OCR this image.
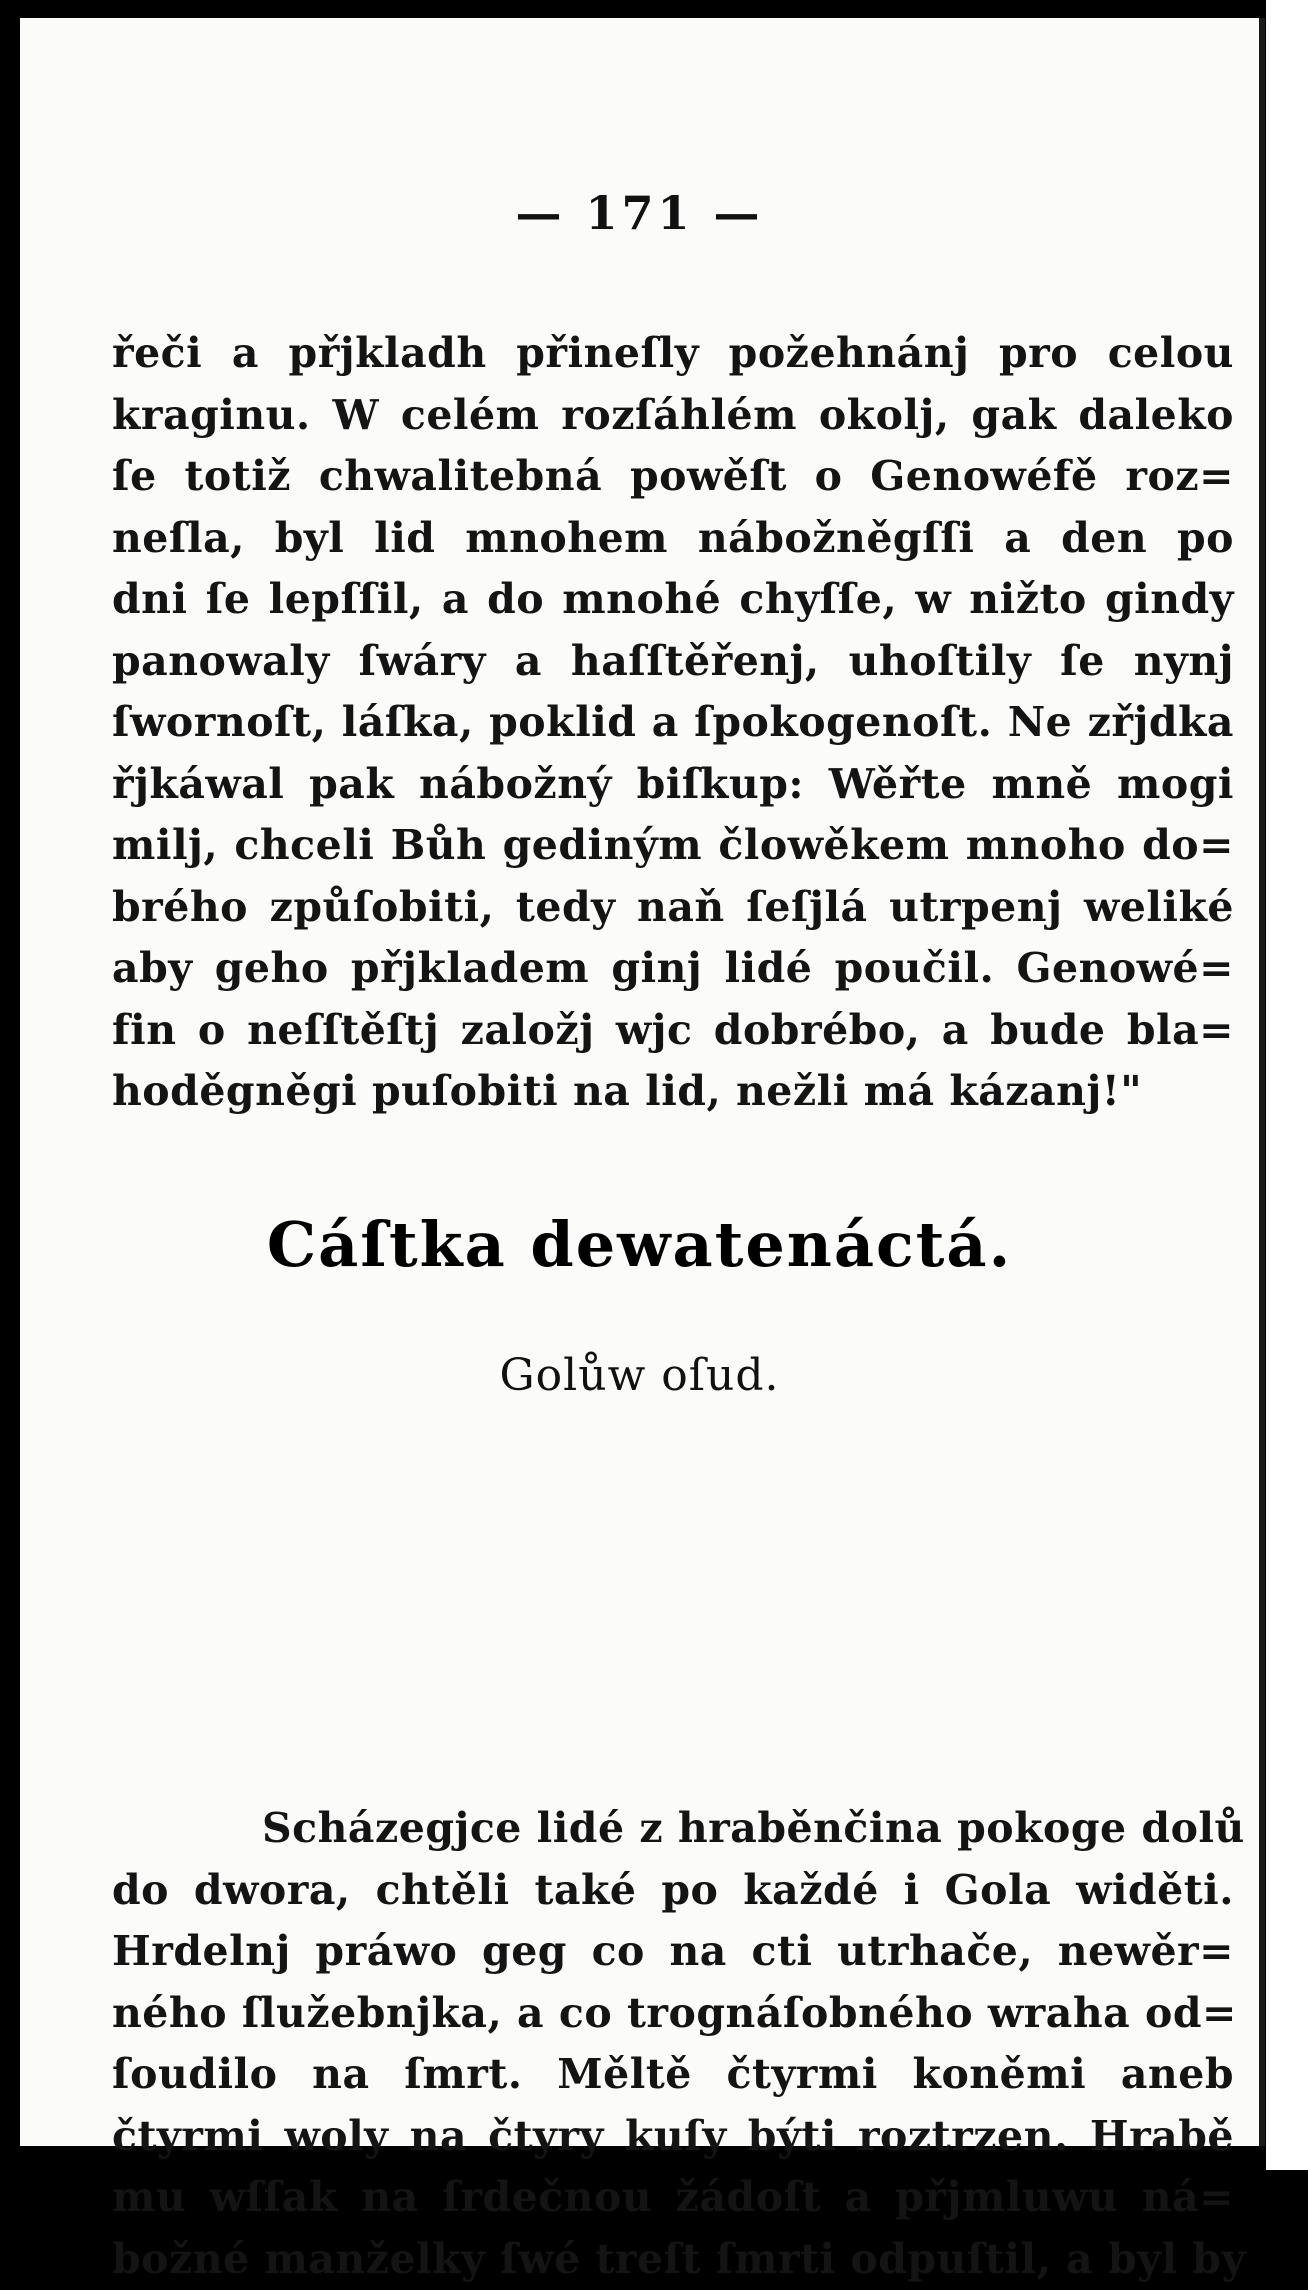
— 171 —
řeči a přjkladh přineſly požehnánj pro celou
kraginu. W celém rozſáhlém okolj, gak daleko
ſe totiž chwalitebná powěſt o Genowéfě roz=
neſla, byl lid mnohem nábožněgſſi a den po
dni ſe lepſſil, a do mnohé chyſſe, w nižto gindy
panowaly ſwáry a haſſtěřenj, uhoſtily ſe nynj
ſwornoſt, láſka, poklid a ſpokogenoſt. Ne zřjdka
řjkáwal pak nábožný biſkup: Wěřte mně mogi
milj, chceli Bůh gediným člowěkem mnoho do=
brého způſobiti, tedy naň ſeſjlá utrpenj weliké
aby geho přjkladem ginj lidé poučil. Genowé=
fin o neſſtěſtj založj wjc dobrébo, a bude bla=
hoděgněgi puſobiti na lid, nežli má kázanj!"
Cáſtka dewatenáctá.
Golůw oſud.
Scházegjce lidé z hraběnčina pokoge dolů
do dwora, chtěli také po každé i Gola widěti.
Hrdelnj práwo geg co na cti utrhače, newěr=
ného ſlužebnjka, a co trognáſobného wraha od=
ſoudilo na ſmrt. Měltě čtyrmi koněmi aneb
čtyrmi woly na čtyry kuſy býti roztrzen. Hrabě
mu wſſak na ſrdečnou žádoſt a přjmluwu ná=
božné manželky ſwé treſt ſmrti odpuſtil, a byl by
